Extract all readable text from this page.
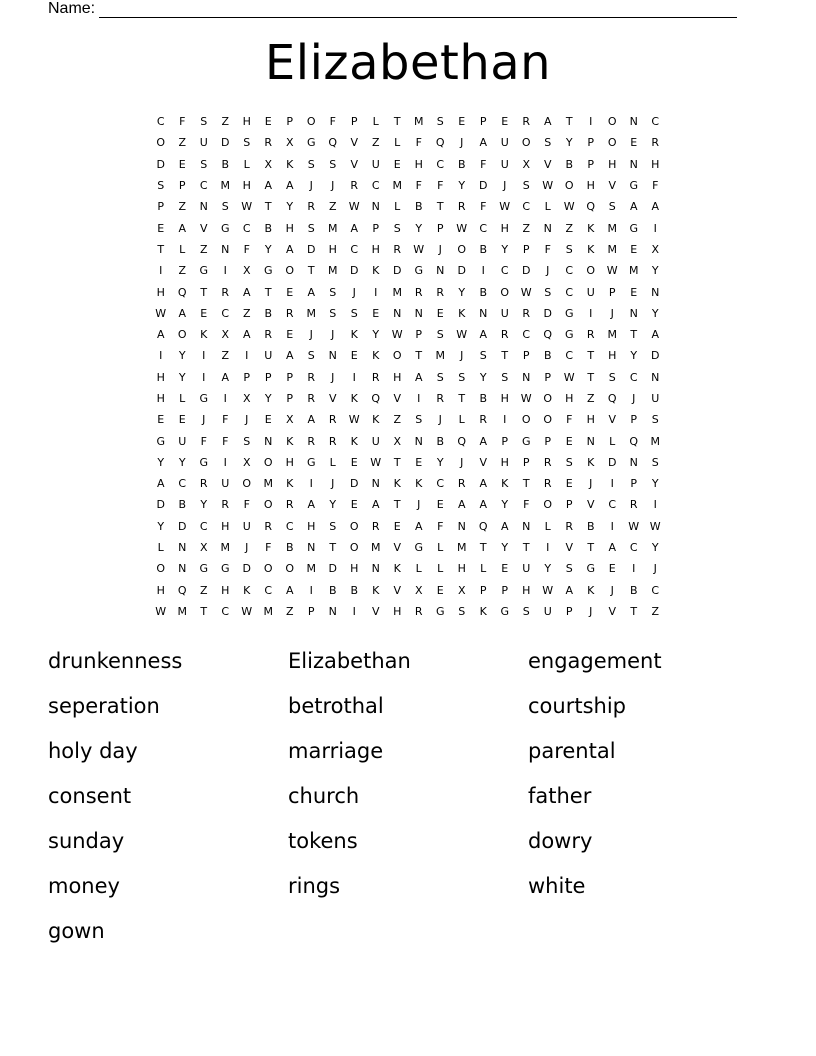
Name:
Elizabethan
C	F	S	Z	H	E	P	O	F	P	L	T	M	S	E	P	E	R	A	T	I	O	N	C
O	Z	U	D	S	R	X	G	Q	V	Z	L	F	Q	J	A	U	O	S	Y	P	O	E	R
D	E	S	B	L	X	K	S	S	V	U	E	H	C	B	F	U	X	V	B	P	H	N	H
S	P	C	M	H	A	A	J	J	R	C	M	F	F	Y	D	J	S	W	O	H	V	G	F
P	Z	N	S	W	T	Y	R	Z	W	N	L	B	T	R	F	W	C	L	W	Q	S	A	A
E	A	V	G	C	B	H	S	M	A	P	S	Y	P	W	C	H	Z	N	Z	K	M	G	I
T	L	Z	N	F	Y	A	D	H	C	H	R	W	J	O	B	Y	P	F	S	K	M	E	X
I	Z	G	I	X	G	O	T	M	D	K	D	G	N	D	I	C	D	J	C	O	W	M	Y
H	Q	T	R	A	T	E	A	S	J	I	M	R	R	Y	B	O	W	S	C	U	P	E	N
W	A	E	C	Z	B	R	M	S	S	E	N	N	E	K	N	U	R	D	G	I	J	N	Y
A	O	K	X	A	R	E	J	J	K	Y	W	P	S	W	A	R	C	Q	G	R	M	T	A
I	Y	I	Z	I	U	A	S	N	E	K	O	T	M	J	S	T	P	B	C	T	H	Y	D
H	Y	I	A	P	P	P	R	J	I	R	H	A	S	S	Y	S	N	P	W	T	S	C	N
H	L	G	I	X	Y	P	R	V	K	Q	V	I	R	T	B	H	W	O	H	Z	Q	J	U
E	E	J	F	J	E	X	A	R	W	K	Z	S	J	L	R	I	O	O	F	H	V	P	S
G	U	F	F	S	N	K	R	R	K	U	X	N	B	Q	A	P	G	P	E	N	L	Q	M
Y	Y	G	I	X	O	H	G	L	E	W	T	E	Y	J	V	H	P	R	S	K	D	N	S
A	C	R	U	O	M	K	I	J	D	N	K	K	C	R	A	K	T	R	E	J	I	P	Y
D	B	Y	R	F	O	R	A	Y	E	A	T	J	E	A	A	Y	F	O	P	V	C	R	I
Y	D	C	H	U	R	C	H	S	O	R	E	A	F	N	Q	A	N	L	R	B	I	W W
L	N	X	M	J	F	B	N	T	O	M	V	G	L	M	T	Y	T	I	V	T	A	C	Y
O	N	G	G	D	O	O	M	D	H	N	K	L	L	H	L	E	U	Y	S	G	E	I	J
H	Q	Z	H	K	C	A	I	B	B	K	V	X	E	X	P	P	H	W	A	K	J	B	C
W	M	T	C	W	M	Z	P	N	I	V	H	R	G	S	K	G	S	U	P	J	V	T	Z
drunkenness	Elizabethan	engagement
seperation	betrothal	courtship
holy day	marriage	parental
consent	church	father
sunday	tokens	dowry
money	rings	white
gown
